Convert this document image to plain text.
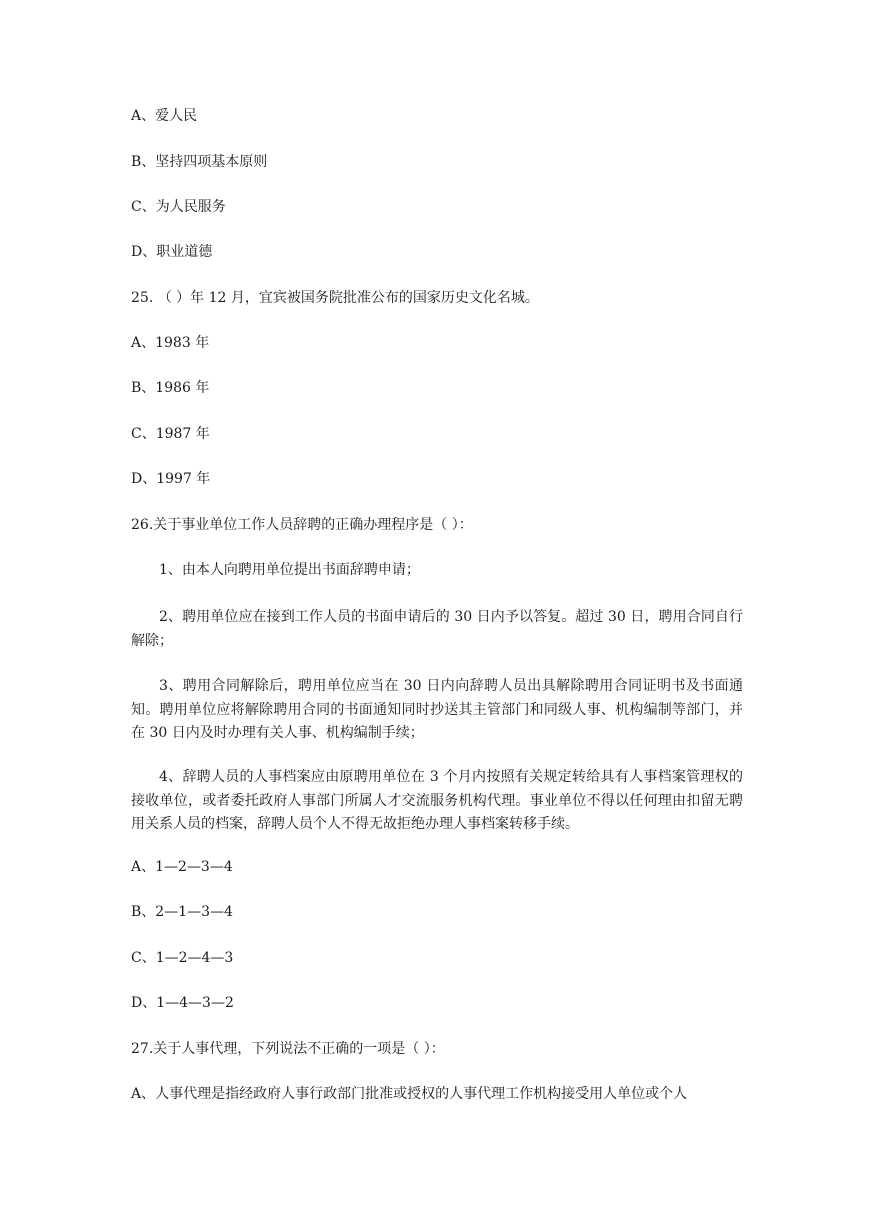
A、爱人民
B、坚持四项基本原则
C、为人民服务
D、职业道德
25. （ ）年 12 月，宜宾被国务院批准公布的国家历史文化名城。
A、1983 年
B、1986 年
C、1987 年
D、1997 年
26.关于事业单位工作人员辞聘的正确办理程序是（ ）：
1、由本人向聘用单位提出书面辞聘申请；
2、聘用单位应在接到工作人员的书面申请后的 30 日内予以答复。超过 30 日，聘用合同自行解除；
3、聘用合同解除后，聘用单位应当在 30 日内向辞聘人员出具解除聘用合同证明书及书面通知。聘用单位应将解除聘用合同的书面通知同时抄送其主管部门和同级人事、机构编制等部门，并在 30 日内及时办理有关人事、机构编制手续；
4、辞聘人员的人事档案应由原聘用单位在 3 个月内按照有关规定转给具有人事档案管理权的接收单位，或者委托政府人事部门所属人才交流服务机构代理。事业单位不得以任何理由扣留无聘用关系人员的档案，辞聘人员个人不得无故拒绝办理人事档案转移手续。
A、1—2—3—4
B、2—1—3—4
C、1—2—4—3
D、1—4—3—2
27.关于人事代理，下列说法不正确的一项是（ ）：
A、人事代理是指经政府人事行政部门批准或授权的人事代理工作机构接受用人单位或个人
